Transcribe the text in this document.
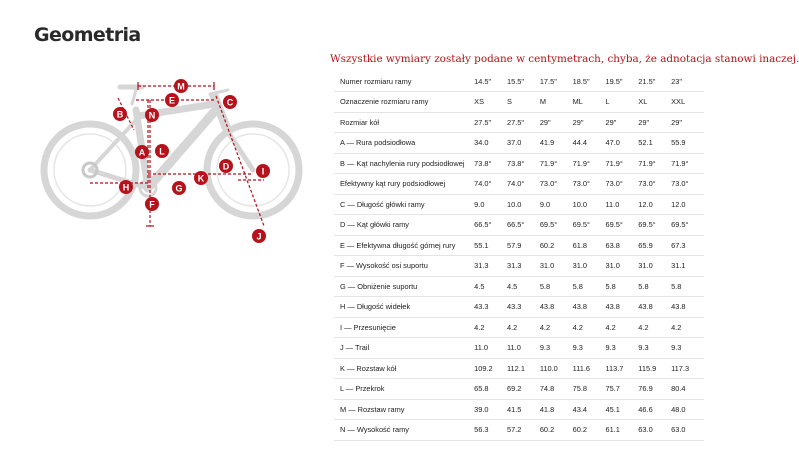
Geometria
Wszystkie wymiary zostały podane w centymetrach, chyba, że adnotacja stanowi inaczej.
A
B
C
D
E
F
G
H
I
J
K
L
M
N
Numer rozmiaru ramy	14.5"	15.5"	17.5"	18.5"	19.5"	21.5"	23"
Oznaczenie rozmiaru ramy	XS	S	M	ML	L	XL	XXL
Rozmiar kół	27.5"	27.5"	29"	29"	29"	29"	29"
A — Rura podsiodłowa	34.0	37.0	41.9	44.4	47.0	52.1	55.9
B — Kąt nachylenia rury podsiodłowej	73.8°	73.8°	71.9°	71.9°	71.9°	71.9°	71.9°
Efektywny kąt rury podsiodłowej	74.0°	74.0°	73.0°	73.0°	73.0°	73.0°	73.0°
C — Długość główki ramy	9.0	10.0	9.0	10.0	11.0	12.0	12.0
D — Kąt główki ramy	66.5°	66.5°	69.5°	69.5°	69.5°	69.5°	69.5°
E — Efektywna długość górnej rury	55.1	57.9	60.2	61.8	63.8	65.9	67.3
F — Wysokość osi suportu	31.3	31.3	31.0	31.0	31.0	31.0	31.1
G — Obniżenie suportu	4.5	4.5	5.8	5.8	5.8	5.8	5.8
H — Długość widełek	43.3	43.3	43.8	43.8	43.8	43.8	43.8
I — Przesunięcie	4.2	4.2	4.2	4.2	4.2	4.2	4.2
J — Trail	11.0	11.0	9.3	9.3	9.3	9.3	9.3
K — Rozstaw kół	109.2	112.1	110.0	111.6	113.7	115.9	117.3
L — Przekrok	65.8	69.2	74.8	75.8	75.7	76.9	80.4
M — Rozstaw ramy	39.0	41.5	41.8	43.4	45.1	46.6	48.0
N — Wysokość ramy	56.3	57.2	60.2	60.2	61.1	63.0	63.0
